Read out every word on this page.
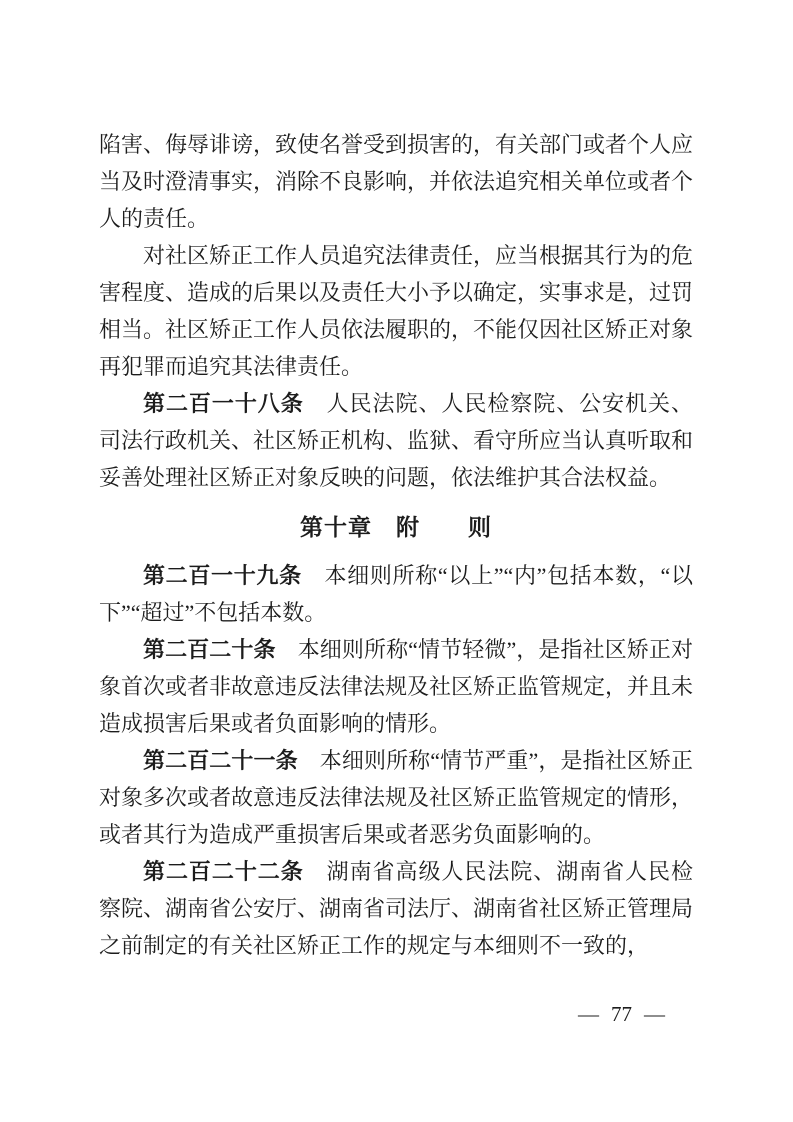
陷害、侮辱诽谤，致使名誉受到损害的，有关部门或者个人应当及时澄清事实，消除不良影响，并依法追究相关单位或者个人的责任。

对社区矫正工作人员追究法律责任，应当根据其行为的危害程度、造成的后果以及责任大小予以确定，实事求是，过罚相当。社区矫正工作人员依法履职的，不能仅因社区矫正对象再犯罪而追究其法律责任。

第二百一十八条　人民法院、人民检察院、公安机关、司法行政机关、社区矫正机构、监狱、看守所应当认真听取和妥善处理社区矫正对象反映的问题，依法维护其合法权益。

第十章　附　　则

第二百一十九条　本细则所称“以上”“内”包括本数，“以下”“超过”不包括本数。

第二百二十条　本细则所称“情节轻微”，是指社区矫正对象首次或者非故意违反法律法规及社区矫正监管规定，并且未造成损害后果或者负面影响的情形。

第二百二十一条　本细则所称“情节严重”，是指社区矫正对象多次或者故意违反法律法规及社区矫正监管规定的情形，或者其行为造成严重损害后果或者恶劣负面影响的。

第二百二十二条　湖南省高级人民法院、湖南省人民检察院、湖南省公安厅、湖南省司法厅、湖南省社区矫正管理局之前制定的有关社区矫正工作的规定与本细则不一致的，

— 77 —
